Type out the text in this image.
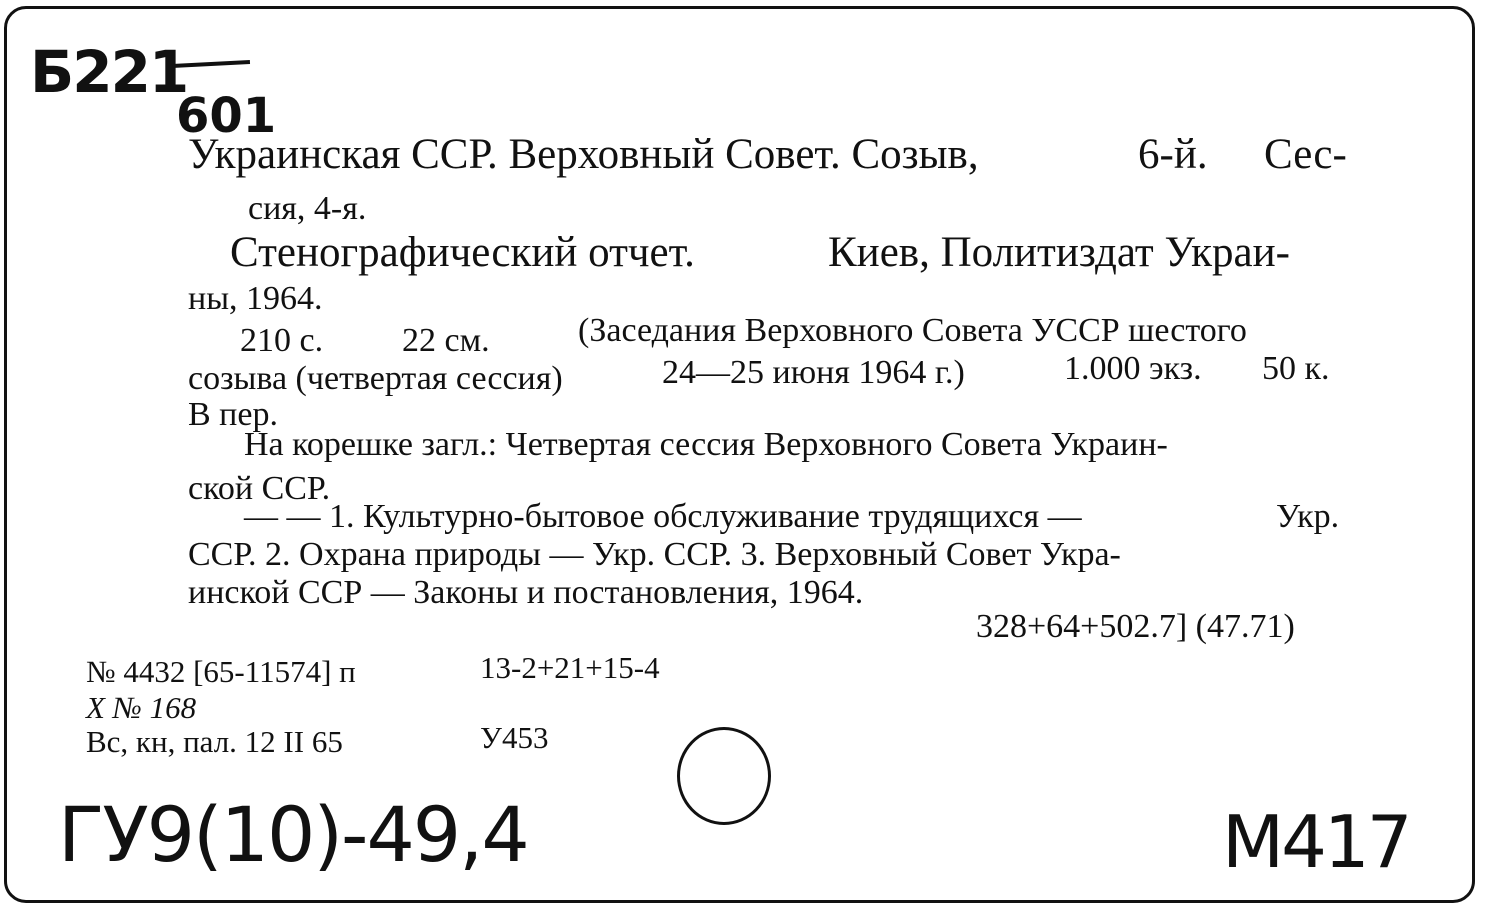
Б221
601
Украинская ССР. Верховный Совет. Созыв,	6-й. Сес-
сия, 4-я.
Стенографический отчет.	Киев, Политиздат Украи-
ны, 1964.
210 с. 22 см.	(Заседания Верховного Совета УССР шестого
созыва (четвертая сессия)	24—25 июня 1964 г.)	1.000 экз. 50 к.
В пер.
На корешке загл.: Четвертая сессия Верховного Совета Украин-
ской ССР.
— — 1. Культурно-бытовое обслуживание трудящихся —	Укр.
ССР. 2. Охрана природы — Укр. ССР. 3. Верховный Совет Укра-
инской ССР — Законы и постановления, 1964.
328+64+502.7] (47.71)
№ 4432 [65-11574] п	13-2+21+15-4
Х № 168
Вс, кн, пал. 12 II 65	У453
ГУ9(10)-49,4	М417
